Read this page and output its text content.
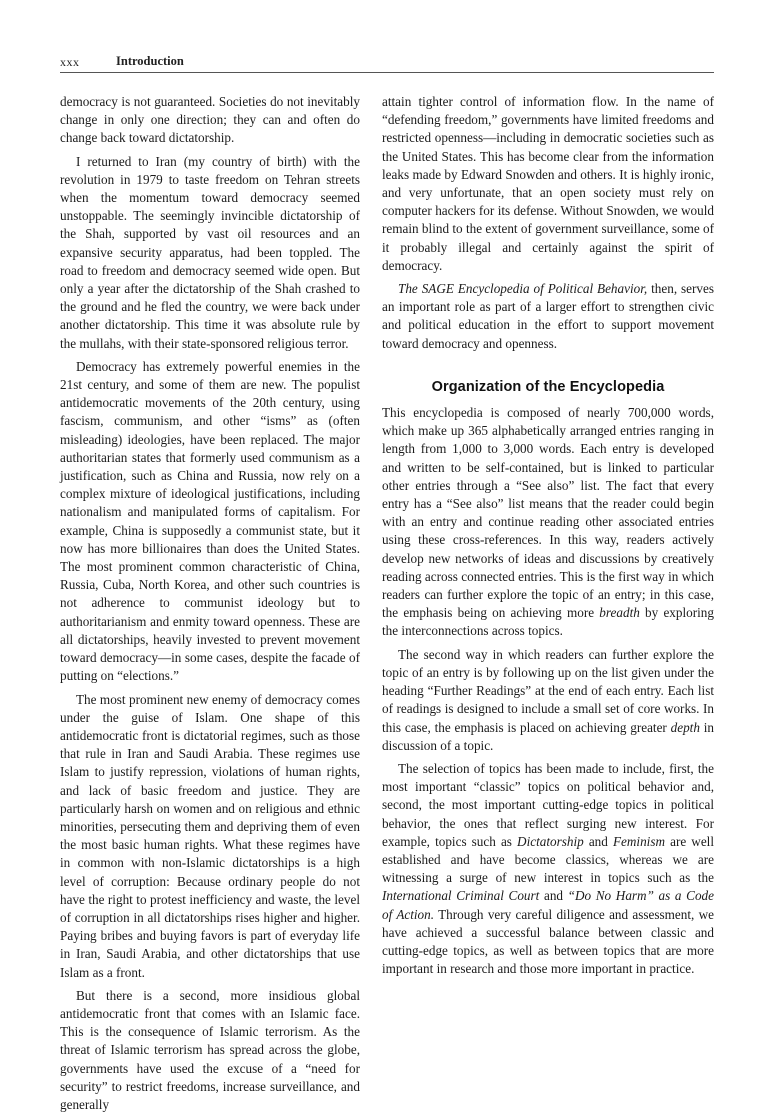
xxx	Introduction

democracy is not guaranteed. Societies do not inevitably change in only one direction; they can and often do change back toward dictatorship.

I returned to Iran (my country of birth) with the revolution in 1979 to taste freedom on Tehran streets when the momentum toward democracy seemed unstoppable. The seemingly invincible dictatorship of the Shah, supported by vast oil resources and an expansive security apparatus, had been toppled. The road to freedom and democracy seemed wide open. But only a year after the dictatorship of the Shah crashed to the ground and he fled the country, we were back under another dictatorship. This time it was absolute rule by the mullahs, with their state-sponsored religious terror.

Democracy has extremely powerful enemies in the 21st century, and some of them are new. The populist antidemocratic movements of the 20th century, using fascism, communism, and other “isms” as (often misleading) ideologies, have been replaced. The major authoritarian states that formerly used communism as a justification, such as China and Russia, now rely on a complex mixture of ideological justifications, including nationalism and manipulated forms of capitalism. For example, China is supposedly a communist state, but it now has more billionaires than does the United States. The most prominent common characteristic of China, Russia, Cuba, North Korea, and other such countries is not adherence to communist ideology but to authoritarianism and enmity toward openness. These are all dictatorships, heavily invested to prevent movement toward democracy—in some cases, despite the facade of putting on “elections.”

The most prominent new enemy of democracy comes under the guise of Islam. One shape of this antidemocratic front is dictatorial regimes, such as those that rule in Iran and Saudi Arabia. These regimes use Islam to justify repression, violations of human rights, and lack of basic freedom and justice. They are particularly harsh on women and on religious and ethnic minorities, persecuting them and depriving them of even the most basic human rights. What these regimes have in common with non-Islamic dictatorships is a high level of corruption: Because ordinary people do not have the right to protest inefficiency and waste, the level of corruption in all dictatorships rises higher and higher. Paying bribes and buying favors is part of everyday life in Iran, Saudi Arabia, and other dictatorships that use Islam as a front.

But there is a second, more insidious global antidemocratic front that comes with an Islamic face. This is the consequence of Islamic terrorism. As the threat of Islamic terrorism has spread across the globe, governments have used the excuse of a “need for security” to restrict freedoms, increase surveillance, and generally

attain tighter control of information flow. In the name of “defending freedom,” governments have limited freedoms and restricted openness—including in democratic societies such as the United States. This has become clear from the information leaks made by Edward Snowden and others. It is highly ironic, and very unfortunate, that an open society must rely on computer hackers for its defense. Without Snowden, we would remain blind to the extent of government surveillance, some of it probably illegal and certainly against the spirit of democracy.

The SAGE Encyclopedia of Political Behavior, then, serves an important role as part of a larger effort to strengthen civic and political education in the effort to support movement toward democracy and openness.

Organization of the Encyclopedia

This encyclopedia is composed of nearly 700,000 words, which make up 365 alphabetically arranged entries ranging in length from 1,000 to 3,000 words. Each entry is developed and written to be self-contained, but is linked to particular other entries through a “See also” list. The fact that every entry has a “See also” list means that the reader could begin with an entry and continue reading other associated entries using these cross-references. In this way, readers actively develop new networks of ideas and discussions by creatively reading across connected entries. This is the first way in which readers can further explore the topic of an entry; in this case, the emphasis being on achieving more breadth by exploring the interconnections across topics.

The second way in which readers can further explore the topic of an entry is by following up on the list given under the heading “Further Readings” at the end of each entry. Each list of readings is designed to include a small set of core works. In this case, the emphasis is placed on achieving greater depth in discussion of a topic.

The selection of topics has been made to include, first, the most important “classic” topics on political behavior and, second, the most important cutting-edge topics in political behavior, the ones that reflect surging new interest. For example, topics such as Dictatorship and Feminism are well established and have become classics, whereas we are witnessing a surge of new interest in topics such as the International Criminal Court and “Do No Harm” as a Code of Action. Through very careful diligence and assessment, we have achieved a successful balance between classic and cutting-edge topics, as well as between topics that are more important in research and those more important in practice.
